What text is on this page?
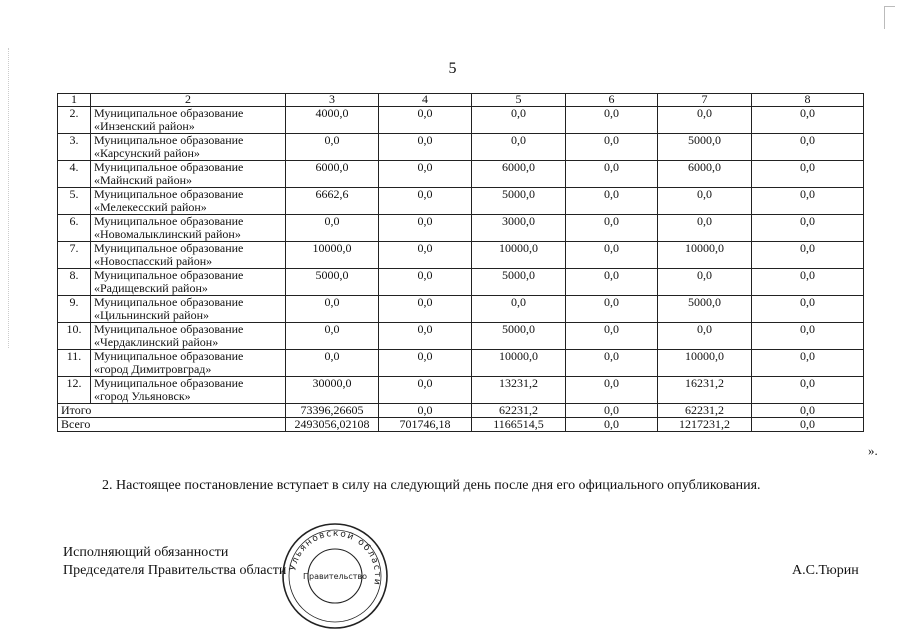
5
1	2	3	4	5	6	7	8
2.	Муниципальное образование
«Инзенский район»	4000,0	0,0	0,0	0,0	0,0	0,0
3.	Муниципальное образование
«Карсунский район»	0,0	0,0	0,0	0,0	5000,0	0,0
4.	Муниципальное образование
«Майнский район»	6000,0	0,0	6000,0	0,0	6000,0	0,0
5.	Муниципальное образование
«Мелекесский район»	6662,6	0,0	5000,0	0,0	0,0	0,0
6.	Муниципальное образование
«Новомалыклинский район»	0,0	0,0	3000,0	0,0	0,0	0,0
7.	Муниципальное образование
«Новоспасский район»	10000,0	0,0	10000,0	0,0	10000,0	0,0
8.	Муниципальное образование
«Радищевский район»	5000,0	0,0	5000,0	0,0	0,0	0,0
9.	Муниципальное образование
«Цильнинский район»	0,0	0,0	0,0	0,0	5000,0	0,0
10.	Муниципальное образование
«Чердаклинский район»	0,0	0,0	5000,0	0,0	0,0	0,0
11.	Муниципальное образование
«город Димитровград»	0,0	0,0	10000,0	0,0	10000,0	0,0
12.	Муниципальное образование
«город Ульяновск»	30000,0	0,0	13231,2	0,0	16231,2	0,0
Итого		73396,26605	0,0	62231,2	0,0	62231,2	0,0
Всего		2493056,02108	701746,18	1166514,5	0,0	1217231,2	0,0
».
2. Настоящее постановление вступает в силу на следующий день после дня его официального опубликования.
Исполняющий обязанности
Председателя Правительства области Ульяновской области
Правительство	А.С.Тюрин
